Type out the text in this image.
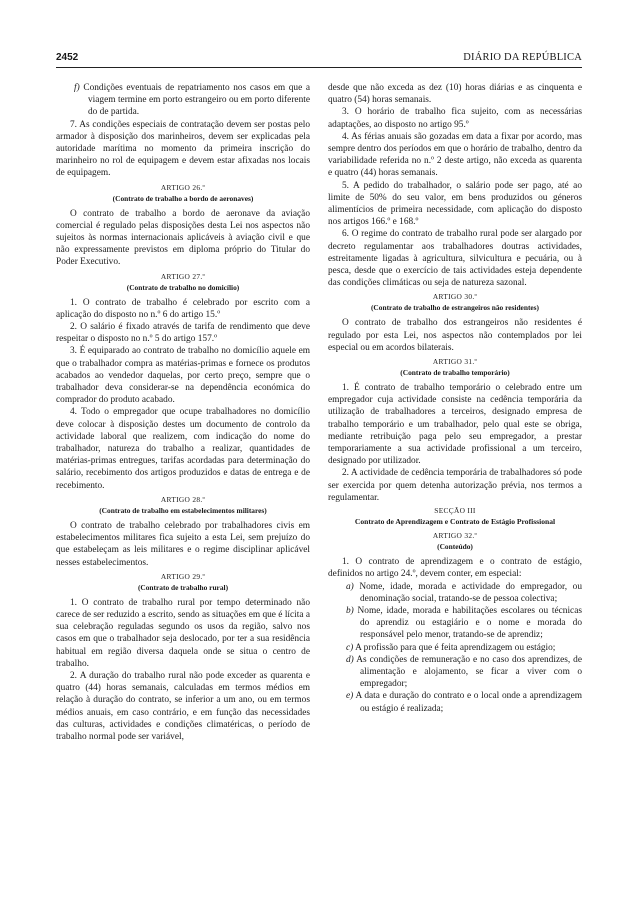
2452	DIÁRIO DA REPÚBLICA

f) Condições eventuais de repatriamento nos casos em que a viagem termine em porto estrangeiro ou em porto diferente do de partida.

7. As condições especiais de contratação devem ser postas pelo armador à disposição dos marinheiros, devem ser explicadas pela autoridade marítima no momento da primeira inscrição do marinheiro no rol de equipagem e devem estar afixadas nos locais de equipagem.

ARTIGO 26.º
(Contrato de trabalho a bordo de aeronaves)

O contrato de trabalho a bordo de aeronave da aviação comercial é regulado pelas disposições desta Lei nos aspectos não sujeitos às normas internacionais aplicáveis à aviação civil e que não expressamente previstos em diploma próprio do Titular do Poder Executivo.

ARTIGO 27.º
(Contrato de trabalho no domicílio)

1. O contrato de trabalho é celebrado por escrito com a aplicação do disposto no n.º 6 do artigo 15.º

2. O salário é fixado através de tarifa de rendimento que deve respeitar o disposto no n.º 5 do artigo 157.º

3. É equiparado ao contrato de trabalho no domicílio aquele em que o trabalhador compra as matérias-primas e fornece os produtos acabados ao vendedor daquelas, por certo preço, sempre que o trabalhador deva considerar-se na dependência económica do comprador do produto acabado.

4. Todo o empregador que ocupe trabalhadores no domicílio deve colocar à disposição destes um documento de controlo da actividade laboral que realizem, com indicação do nome do trabalhador, natureza do trabalho a realizar, quantidades de matérias-primas entregues, tarifas acordadas para determinação do salário, recebimento dos artigos produzidos e datas de entrega e de recebimento.

ARTIGO 28.º
(Contrato de trabalho em estabelecimentos militares)

O contrato de trabalho celebrado por trabalhadores civis em estabelecimentos militares fica sujeito a esta Lei, sem prejuízo do que estabeleçam as leis militares e o regime disciplinar aplicável nesses estabelecimentos.

ARTIGO 29.º
(Contrato de trabalho rural)

1. O contrato de trabalho rural por tempo determinado não carece de ser reduzido a escrito, sendo as situações em que é lícita a sua celebração reguladas segundo os usos da região, salvo nos casos em que o trabalhador seja deslocado, por ter a sua residência habitual em região diversa daquela onde se situa o centro de trabalho.

2. A duração do trabalho rural não pode exceder as quarenta e quatro (44) horas semanais, calculadas em termos médios em relação à duração do contrato, se inferior a um ano, ou em termos médios anuais, em caso contrário, e em função das necessidades das culturas, actividades e condições climatéricas, o período de trabalho normal pode ser variável,

desde que não exceda as dez (10) horas diárias e as cinquenta e quatro (54) horas semanais.

3. O horário de trabalho fica sujeito, com as necessárias adaptações, ao disposto no artigo 95.º

4. As férias anuais são gozadas em data a fixar por acordo, mas sempre dentro dos períodos em que o horário de trabalho, dentro da variabilidade referida no n.º 2 deste artigo, não exceda as quarenta e quatro (44) horas semanais.

5. A pedido do trabalhador, o salário pode ser pago, até ao limite de 50% do seu valor, em bens produzidos ou géneros alimentícios de primeira necessidade, com aplicação do disposto nos artigos 166.º e 168.º

6. O regime do contrato de trabalho rural pode ser alargado por decreto regulamentar aos trabalhadores doutras actividades, estreitamente ligadas à agricultura, silvicultura e pecuária, ou à pesca, desde que o exercício de tais actividades esteja dependente das condições climáticas ou seja de natureza sazonal.

ARTIGO 30.º
(Contrato de trabalho de estrangeiros não residentes)

O contrato de trabalho dos estrangeiros não residentes é regulado por esta Lei, nos aspectos não contemplados por lei especial ou em acordos bilaterais.

ARTIGO 31.º
(Contrato de trabalho temporário)

1. É contrato de trabalho temporário o celebrado entre um empregador cuja actividade consiste na cedência temporária da utilização de trabalhadores a terceiros, designado empresa de trabalho temporário e um trabalhador, pelo qual este se obriga, mediante retribuição paga pelo seu empregador, a prestar temporariamente a sua actividade profissional a um terceiro, designado por utilizador.

2. A actividade de cedência temporária de trabalhadores só pode ser exercida por quem detenha autorização prévia, nos termos a regulamentar.

SECÇÃO III
Contrato de Aprendizagem e Contrato de Estágio Profissional
ARTIGO 32.º
(Conteúdo)

1. O contrato de aprendizagem e o contrato de estágio, definidos no artigo 24.º, devem conter, em especial:

a) Nome, idade, morada e actividade do empregador, ou denominação social, tratando-se de pessoa colectiva;

b) Nome, idade, morada e habilitações escolares ou técnicas do aprendiz ou estagiário e o nome e morada do responsável pelo menor, tratando-se de aprendiz;

c) A profissão para que é feita aprendizagem ou estágio;

d) As condições de remuneração e no caso dos aprendizes, de alimentação e alojamento, se ficar a viver com o empregador;

e) A data e duração do contrato e o local onde a aprendizagem ou estágio é realizada;
